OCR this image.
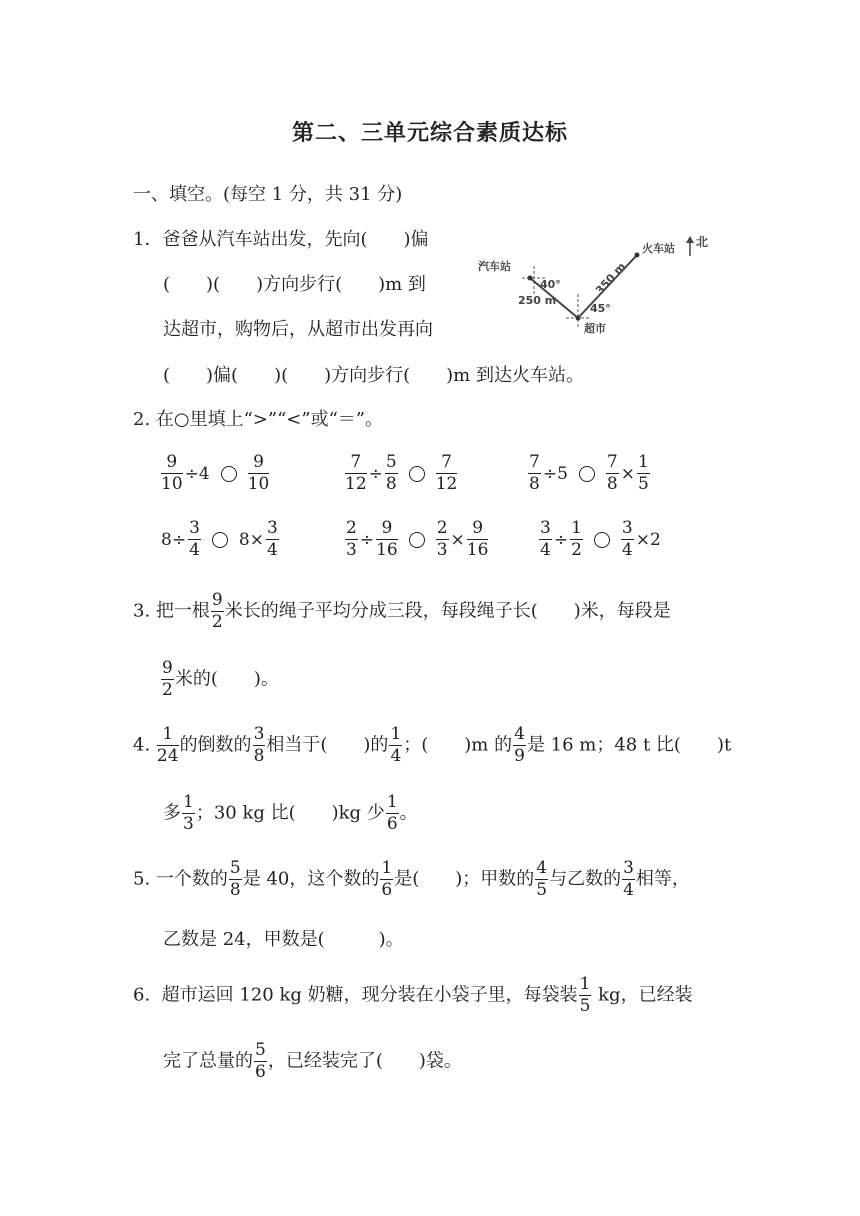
第二、三单元综合素质达标
一、填空。(每空 1 分，共 31 分)
1．爸爸从汽车站出发，先向(　　)偏
(　　)(　　)方向步行(　　)m 到
达超市，购物后，从超市出发再向
(　　)偏(　　)(　　)方向步行(　　)m 到达火车站。
汽车站
火车站 北
超市
40°
45°
250 m
350 m
2. 在○里填上“>”“<”或“＝”。
$\frac{9}{10} \div 4 \frac{9}{10}$	$\frac{7}{12} \div \frac{5}{8} \frac{7}{12}$	$\frac{7}{8} \div 5 \frac{7}{8} \times \frac{1}{5}$
$8\div \frac{3}{4} 8\times \frac{3}{4}$	$\frac{2}{3} \div \frac{9}{16} \frac{2}{3} \times \frac{9}{16}$	$\frac{3}{4} \div \frac{1}{2} \frac{3}{4} \times 2$
3. 把一根 $\frac{9}{2}$ 米长的绳子平均分成三段，每段绳子长(　　)米，每段是
$\frac{9}{2}$ 米的(　　)。
4. $\frac{1}{24}$ 的倒数的 $\frac{3}{8}$ 相当于(　　)的 $\frac{1}{4}$ ；(　　)m 的 $\frac{4}{9}$ 是 16 m；48 t 比(　　)t
多 $\frac{1}{3}$ ；30 kg 比(　　)kg 少 $\frac{1}{6}$ 。
5. 一个数的 $\frac{5}{8}$ 是 40，这个数的 $\frac{1}{6}$ 是(　　)；甲数的 $\frac{4}{5}$ 与乙数的 $\frac{3}{4}$ 相等，
乙数是 24，甲数是(　　　)。
6. 超市运回 120 kg 奶糖，现分装在小袋子里，每袋装 $\frac{1}{5}$ kg，已经装
完了总量的 $\frac{5}{6}$ ，已经装完了(　　)袋。
